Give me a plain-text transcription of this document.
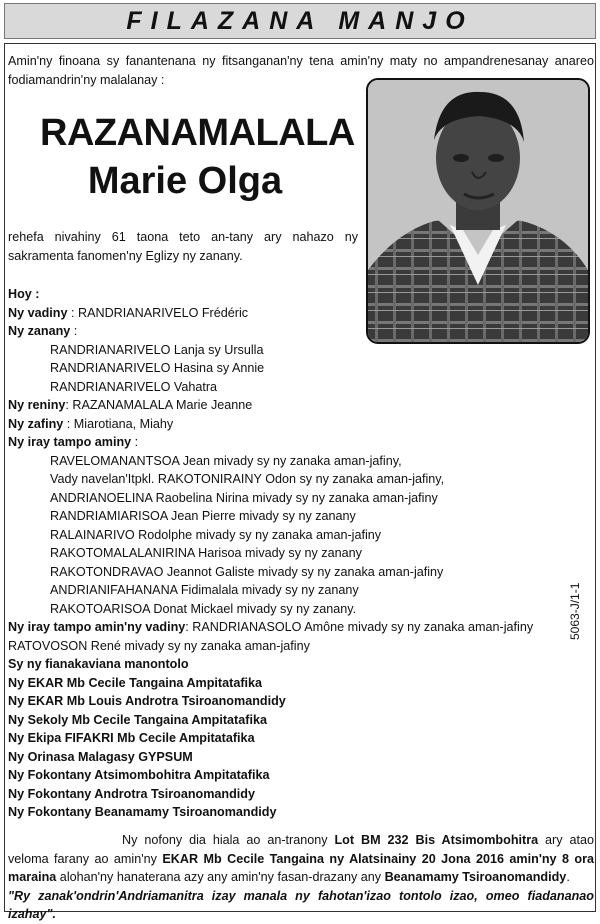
FILAZANA MANJO

Amin'ny finoana sy fanantenana ny fitsanganan'ny tena amin'ny maty no ampandrenesanay anareo fodiamandrin'ny malalanay :

RAZANAMALALA
Marie Olga
rehefa nivahiny 61 taona teto an-tany ary nahazo ny sakramenta fanomen'ny Eglizy ny zanany.

Hoy :

Ny vadiny : RANDRIANARIVELO Frédéric

Ny zanany :

RANDRIANARIVELO Lanja sy Ursulla

RANDRIANARIVELO Hasina sy Annie

RANDRIANARIVELO Vahatra

Ny reniny: RAZANAMALALA Marie Jeanne

Ny zafiny : Miarotiana, Miahy

Ny iray tampo aminy :

RAVELOMANANTSOA Jean mivady sy ny zanaka aman-jafiny,

Vady navelan'Itpkl. RAKOTONIRAINY Odon sy ny zanaka aman-jafiny,

ANDRIANOELINA Raobelina Nirina mivady sy ny zanaka aman-jafiny

RANDRIAMIARISOA Jean Pierre mivady sy ny zanany

RALAINARIVO Rodolphe mivady sy ny zanaka aman-jafiny

RAKOTOMALALANIRINA Harisoa mivady sy ny zanany

RAKOTONDRAVAO Jeannot Galiste mivady sy ny zanaka aman-jafiny

ANDRIANIFAHANANA Fidimalala mivady sy ny zanany

RAKOTOARISOA Donat Mickael mivady sy ny zanany.

Ny iray tampo amin'ny vadiny: RANDRIANASOLO Amône mivady sy ny zanaka aman-jafiny

RATOVOSON René mivady sy ny zanaka aman-jafiny

Sy ny fianakaviana manontolo

Ny EKAR Mb Cecile Tangaina Ampitatafika

Ny EKAR Mb Louis Androtra Tsiroanomandidy

Ny Sekoly Mb Cecile Tangaina Ampitatafika

Ny Ekipa FIFAKRI Mb Cecile Ampitatafika

Ny Orinasa Malagasy GYPSUM

Ny Fokontany Atsimombohitra Ampitatafika

Ny Fokontany Androtra Tsiroanomandidy

Ny Fokontany Beanamamy Tsiroanomandidy

Ny nofony dia hiala ao an-tranony Lot BM 232 Bis Atsimombohitra ary atao veloma farany ao amin'ny EKAR Mb Cecile Tangaina ny Alatsinainy 20 Jona 2016 amin'ny 8 ora maraina alohan'ny hanaterana azy any amin'ny fasan-drazany any Beanamamy Tsiroanomandidy.

"Ry zanak'ondrin'Andriamanitra izay manala ny fahotan'izao tontolo izao, omeo fiadananao izahay".

5063-J/1-1
